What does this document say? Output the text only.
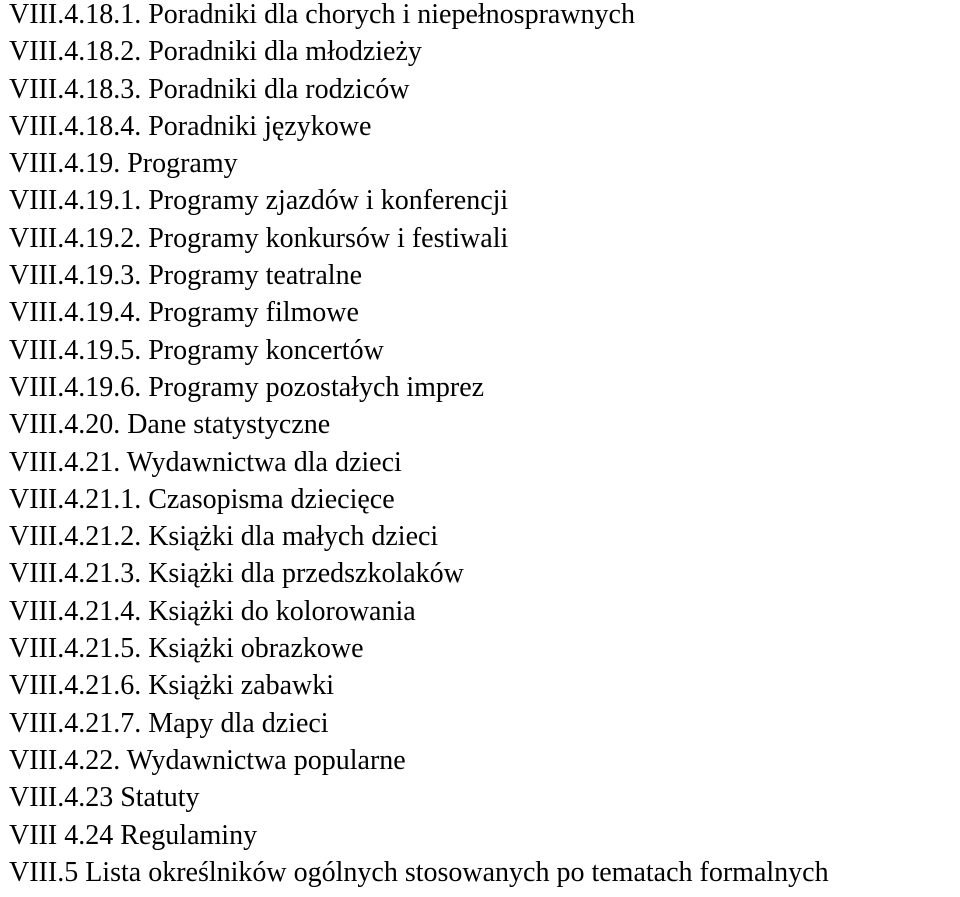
VIII.4.18.1. Poradniki dla chorych i niepełnosprawnych
VIII.4.18.2. Poradniki dla młodzieży
VIII.4.18.3. Poradniki dla rodziców
VIII.4.18.4. Poradniki językowe
VIII.4.19. Programy
VIII.4.19.1. Programy zjazdów i konferencji
VIII.4.19.2. Programy konkursów i festiwali
VIII.4.19.3. Programy teatralne
VIII.4.19.4. Programy filmowe
VIII.4.19.5. Programy koncertów
VIII.4.19.6. Programy pozostałych imprez
VIII.4.20. Dane statystyczne
VIII.4.21. Wydawnictwa dla dzieci
VIII.4.21.1. Czasopisma dziecięce
VIII.4.21.2. Książki dla małych dzieci
VIII.4.21.3. Książki dla przedszkolaków
VIII.4.21.4. Książki do kolorowania
VIII.4.21.5. Książki obrazkowe
VIII.4.21.6. Książki zabawki
VIII.4.21.7. Mapy dla dzieci
VIII.4.22. Wydawnictwa popularne
VIII.4.23 Statuty
VIII 4.24 Regulaminy
VIII.5 Lista określników ogólnych stosowanych po tematach formalnych
